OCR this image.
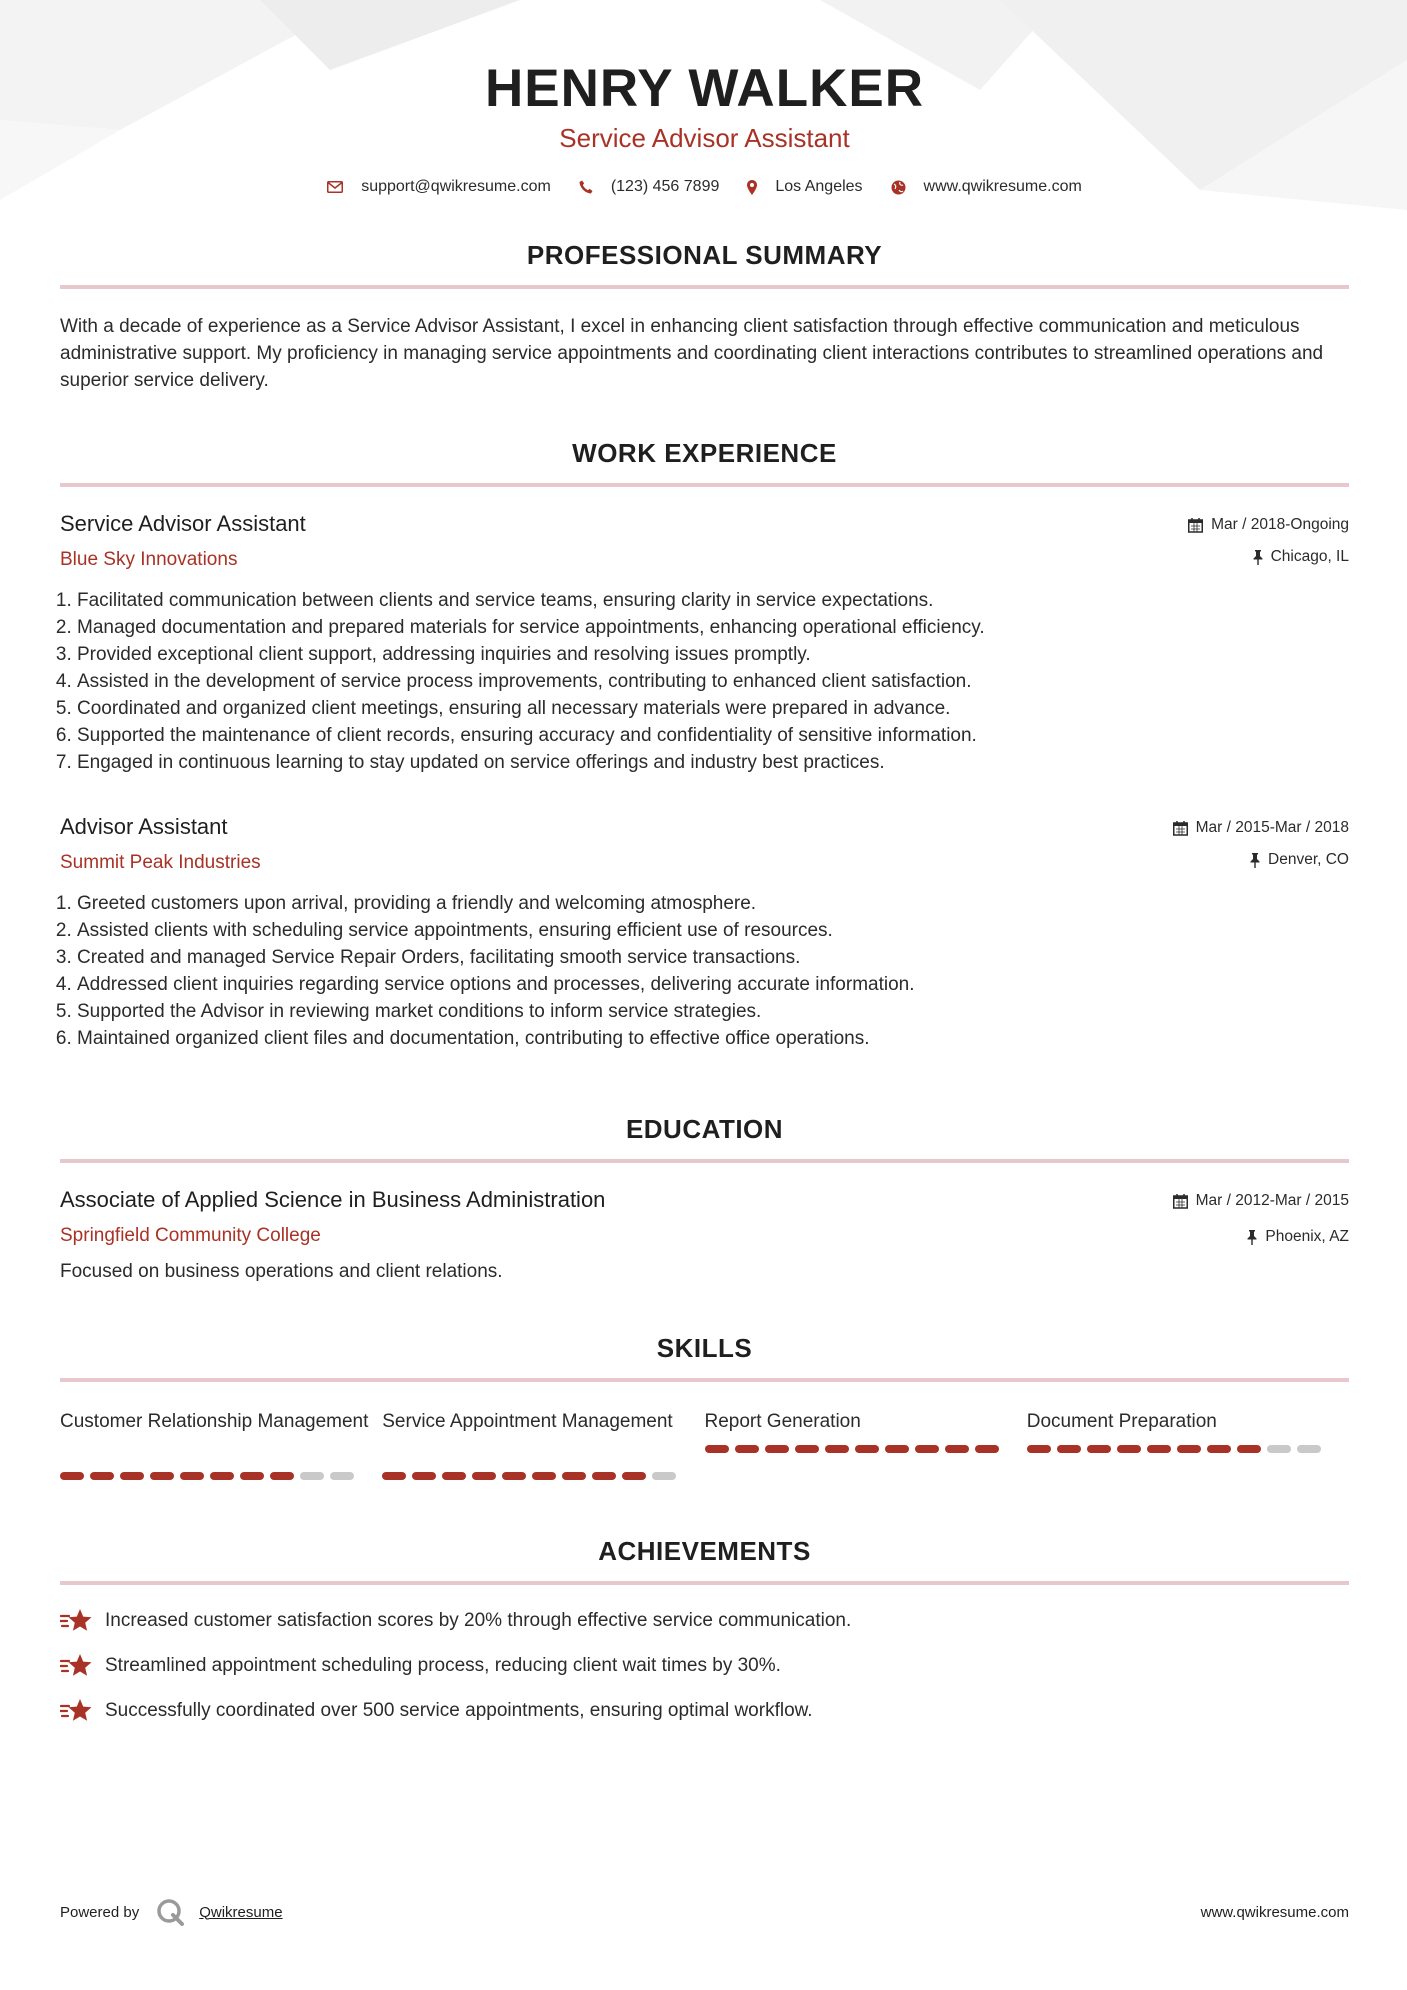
HENRY WALKER
Service Advisor Assistant
support@qwikresume.com	(123) 456 7899	Los Angeles	www.qwikresume.com
PROFESSIONAL SUMMARY
With a decade of experience as a Service Advisor Assistant, I excel in enhancing client satisfaction through effective communication and meticulous administrative support. My proficiency in managing service appointments and coordinating client interactions contributes to streamlined operations and superior service delivery.
WORK EXPERIENCE
Service Advisor Assistant
Blue Sky Innovations
Mar / 2018-Ongoing
Chicago, IL
1. Facilitated communication between clients and service teams, ensuring clarity in service expectations.
2. Managed documentation and prepared materials for service appointments, enhancing operational efficiency.
3. Provided exceptional client support, addressing inquiries and resolving issues promptly.
4. Assisted in the development of service process improvements, contributing to enhanced client satisfaction.
5. Coordinated and organized client meetings, ensuring all necessary materials were prepared in advance.
6. Supported the maintenance of client records, ensuring accuracy and confidentiality of sensitive information.
7. Engaged in continuous learning to stay updated on service offerings and industry best practices.
Advisor Assistant
Summit Peak Industries
Mar / 2015-Mar / 2018
Denver, CO
1. Greeted customers upon arrival, providing a friendly and welcoming atmosphere.
2. Assisted clients with scheduling service appointments, ensuring efficient use of resources.
3. Created and managed Service Repair Orders, facilitating smooth service transactions.
4. Addressed client inquiries regarding service options and processes, delivering accurate information.
5. Supported the Advisor in reviewing market conditions to inform service strategies.
6. Maintained organized client files and documentation, contributing to effective office operations.
EDUCATION
Associate of Applied Science in Business Administration
Springfield Community College
Mar / 2012-Mar / 2015
Phoenix, AZ
Focused on business operations and client relations.
SKILLS
Customer Relationship Management Service Appointment Management	Report Generation	Document Preparation
ACHIEVEMENTS
Increased customer satisfaction scores by 20% through effective service communication.
Streamlined appointment scheduling process, reducing client wait times by 30%.
Successfully coordinated over 500 service appointments, ensuring optimal workflow.
Powered by	Qwikresume	www.qwikresume.com
